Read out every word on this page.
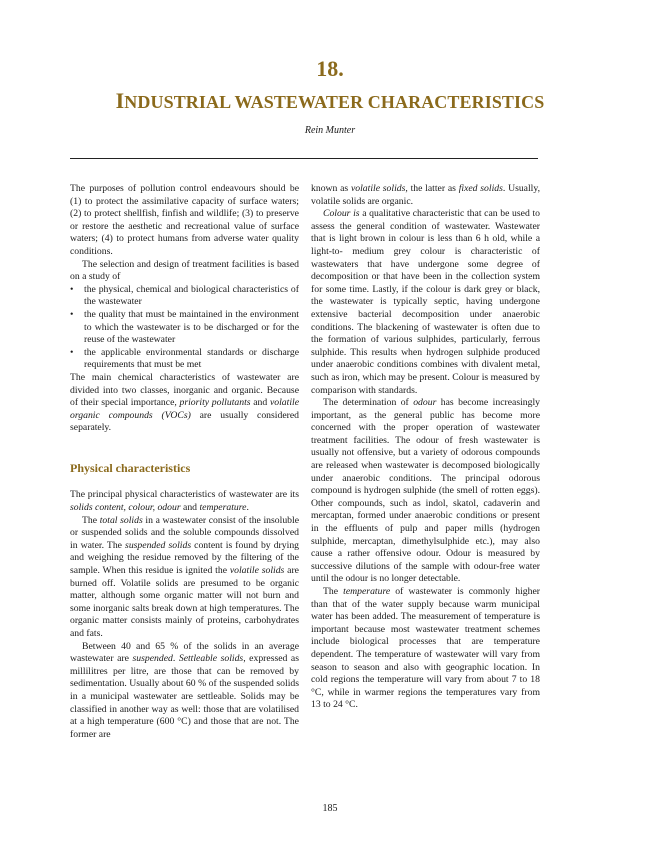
18.
INDUSTRIAL WASTEWATER CHARACTERISTICS
Rein Munter

The purposes of pollution control endeavours should be (1) to protect the assimilative capacity of surface waters; (2) to protect shellfish, finfish and wildlife; (3) to preserve or restore the aesthetic and recreational value of surface waters; (4) to protect humans from adverse water quality conditions.

The selection and design of treatment facilities is based on a study of

• the physical, chemical and biological characteristics of the wastewater
• the quality that must be maintained in the environment to which the wastewater is to be discharged or for the reuse of the wastewater
• the applicable environmental standards or discharge requirements that must be met

The main chemical characteristics of wastewater are divided into two classes, inorganic and organic. Because of their special importance, priority pollutants and volatile organic compounds (VOCs) are usually considered separately.

Physical characteristics

The principal physical characteristics of wastewater are its solids content, colour, odour and temperature.

The total solids in a wastewater consist of the insoluble or suspended solids and the soluble compounds dissolved in water. The suspended solids content is found by drying and weighing the residue removed by the filtering of the sample. When this residue is ignited the volatile solids are burned off. Volatile solids are presumed to be organic matter, although some organic matter will not burn and some inorganic salts break down at high temperatures. The organic matter consists mainly of proteins, carbohydrates and fats.

Between 40 and 65 % of the solids in an average wastewater are suspended. Settleable solids, expressed as millilitres per litre, are those that can be removed by sedimentation. Usually about 60 % of the suspended solids in a municipal wastewater are settleable. Solids may be classified in another way as well: those that are volatilised at a high temperature (600 °C) and those that are not. The former are

known as volatile solids, the latter as fixed solids. Usually, volatile solids are organic.

Colour is a qualitative characteristic that can be used to assess the general condition of wastewater. Wastewater that is light brown in colour is less than 6 h old, while a light-to- medium grey colour is characteristic of wastewaters that have undergone some degree of decomposition or that have been in the collection system for some time. Lastly, if the colour is dark grey or black, the wastewater is typically septic, having undergone extensive bacterial decomposition under anaerobic conditions. The blackening of wastewater is often due to the formation of various sulphides, particularly, ferrous sulphide. This results when hydrogen sulphide produced under anaerobic conditions combines with divalent metal, such as iron, which may be present. Colour is measured by comparison with standards.

The determination of odour has become increasingly important, as the general public has become more concerned with the proper operation of wastewater treatment facilities. The odour of fresh wastewater is usually not offensive, but a variety of odorous compounds are released when wastewater is decomposed biologically under anaerobic conditions. The principal odorous compound is hydrogen sulphide (the smell of rotten eggs). Other compounds, such as indol, skatol, cadaverin and mercaptan, formed under anaerobic conditions or present in the effluents of pulp and paper mills (hydrogen sulphide, mercaptan, dimethylsulphide etc.), may also cause a rather offensive odour. Odour is measured by successive dilutions of the sample with odour-free water until the odour is no longer detectable.

The temperature of wastewater is commonly higher than that of the water supply because warm municipal water has been added. The measurement of temperature is important because most wastewater treatment schemes include biological processes that are temperature dependent. The temperature of wastewater will vary from season to season and also with geographic location. In cold regions the temperature will vary from about 7 to 18 °C, while in warmer regions the temperatures vary from 13 to 24 °C.

185
